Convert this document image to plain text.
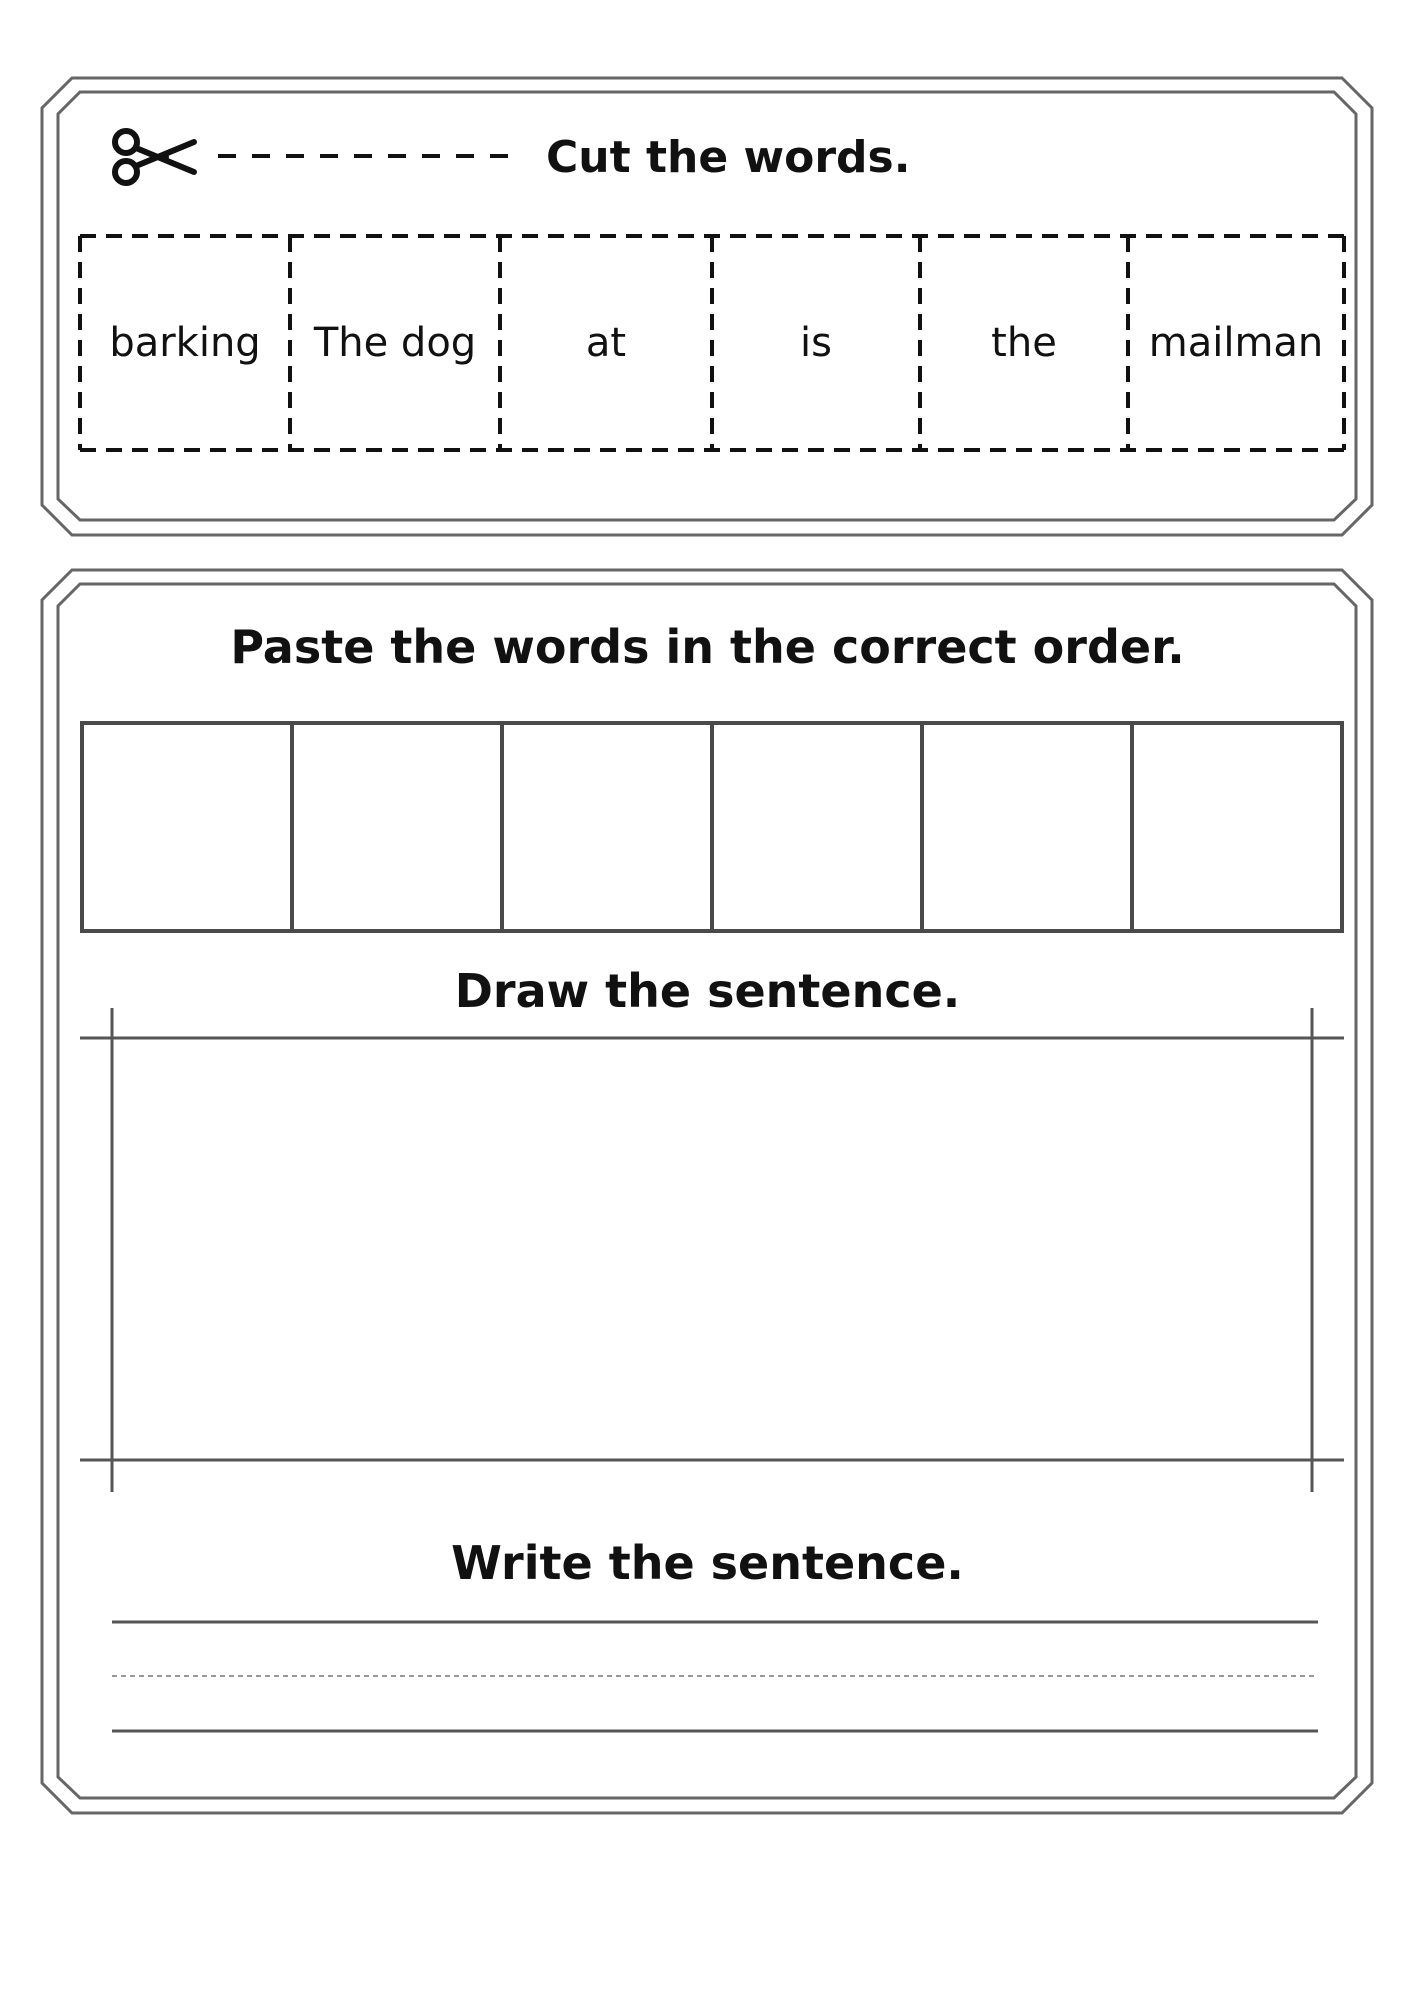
Cut the words.
barking	The dog	at	is	the	mailman
Paste the words in the correct order.
Draw the sentence.
Write the sentence.
